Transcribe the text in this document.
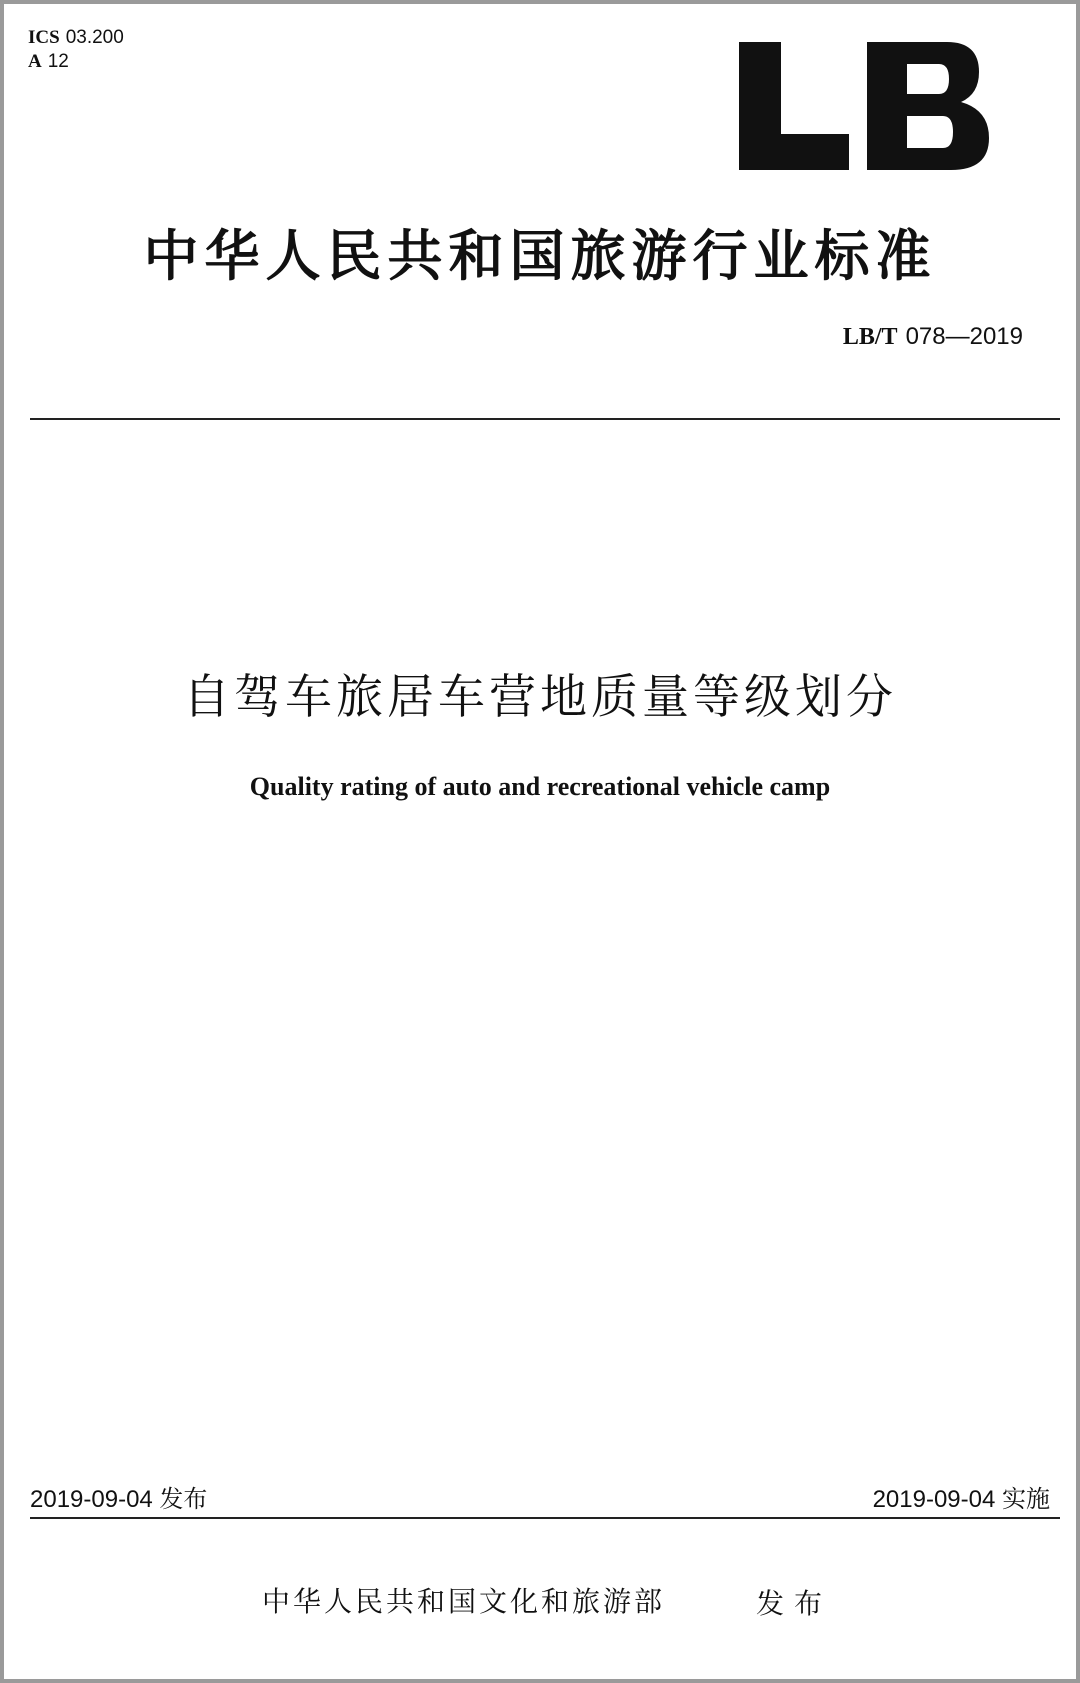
ICS 03.200
A 12
中华人民共和国旅游行业标准
LB/T 078—2019
自驾车旅居车营地质量等级划分
Quality rating of auto and recreational vehicle camp
2019-09-04 发布	2019-09-04 实施
中华人民共和国文化和旅游部	发布
